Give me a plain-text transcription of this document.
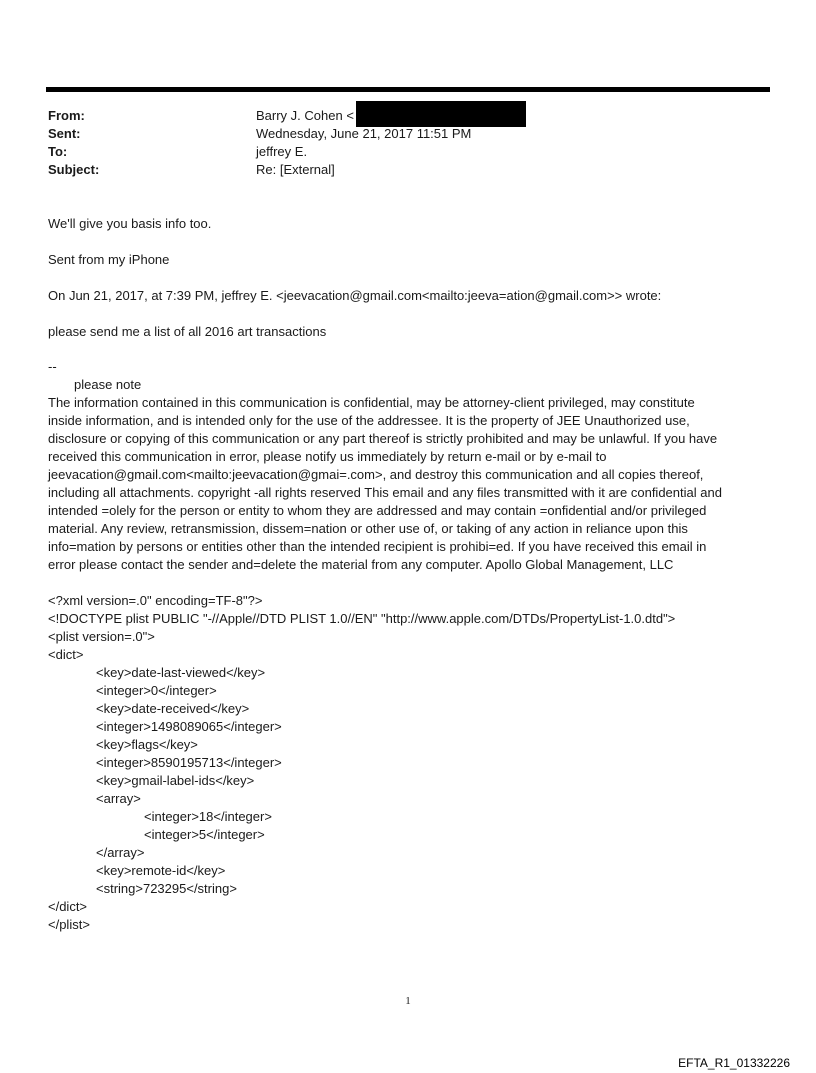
From:	Barry J. Cohen <
Sent:	Wednesday, June 21, 2017 11:51 PM
To:	jeffrey E.
Subject:	Re: [External]
We'll give you basis info too.
Sent from my iPhone
On Jun 21, 2017, at 7:39 PM, jeffrey E. <jeevacation@gmail.com<mailto:jeeva=ation@gmail.com>> wrote:
please send me a list of all 2016 art transactions
--
please note
The information contained in this communication is confidential, may be attorney-client privileged, may constitute
inside information, and is intended only for the use of the addressee. It is the property of JEE Unauthorized use,
disclosure or copying of this communication or any part thereof is strictly prohibited and may be unlawful. If you have
received this communication in error, please notify us immediately by return e-mail or by e-mail to
jeevacation@gmail.com<mailto:jeevacation@gmai=.com>, and destroy this communication and all copies thereof,
including all attachments. copyright -all rights reserved This email and any files transmitted with it are confidential and
intended =olely for the person or entity to whom they are addressed and may contain =onfidential and/or privileged
material. Any review, retransmission, dissem=nation or other use of, or taking of any action in reliance upon this
info=mation by persons or entities other than the intended recipient is prohibi=ed. If you have received this email in
error please contact the sender and=delete the material from any computer. Apollo Global Management, LLC
<?xml version=.0" encoding=TF-8"?>
<!DOCTYPE plist PUBLIC "-//Apple//DTD PLIST 1.0//EN" "http://www.apple.com/DTDs/PropertyList-1.0.dtd">
<plist version=.0">
<dict>
<key>date-last-viewed</key>
<integer>0</integer>
<key>date-received</key>
<integer>1498089065</integer>
<key>flags</key>
<integer>8590195713</integer>
<key>gmail-label-ids</key>
<array>
<integer>18</integer>
<integer>5</integer>
</array>
<key>remote-id</key>
<string>723295</string>
</dict>
</plist>
1
EFTA_R1_01332226
